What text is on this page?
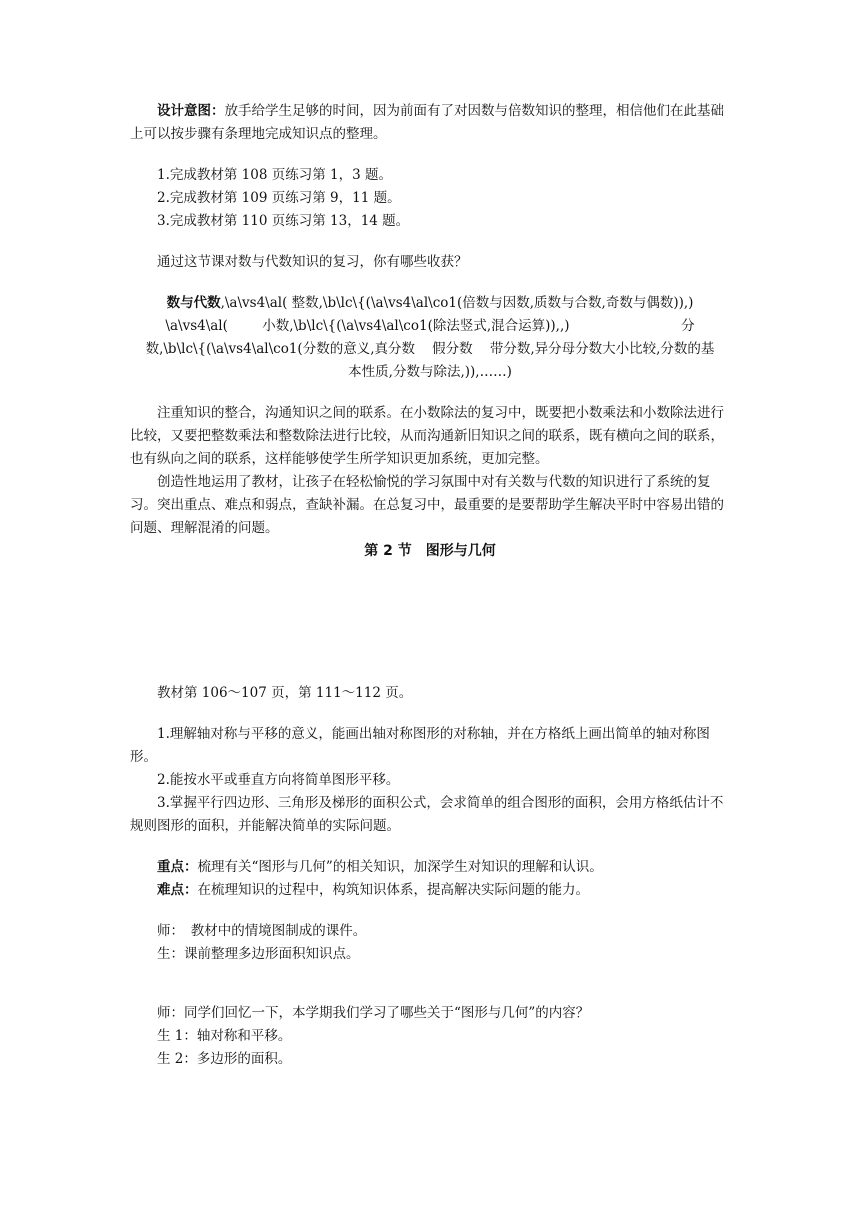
设计意图：放手给学生足够的时间，因为前面有了对因数与倍数知识的整理，相信他们在此基础上可以按步骤有条理地完成知识点的整理。

1.完成教材第 108 页练习第 1，3 题。

2.完成教材第 109 页练习第 9，11 题。

3.完成教材第 110 页练习第 13，14 题。

通过这节课对数与代数知识的复习，你有哪些收获？

数与代数,\a\vs4\al( 整数,\b\lc\{(\a\vs4\al\co1(倍数与因数,质数与合数,奇数与偶数)),)

\a\vs4\al(        小数,\b\lc\{(\a\vs4\al\co1(除法竖式,混合运算)),,)                          分

数,\b\lc\{(\a\vs4\al\co1(分数的意义,真分数    假分数    带分数,异分母分数大小比较,分数的基

本性质,分数与除法,)),……)

注重知识的整合，沟通知识之间的联系。在小数除法的复习中，既要把小数乘法和小数除法进行比较，又要把整数乘法和整数除法进行比较，从而沟通新旧知识之间的联系，既有横向之间的联系，也有纵向之间的联系，这样能够使学生所学知识更加系统，更加完整。

创造性地运用了教材，让孩子在轻松愉悦的学习氛围中对有关数与代数的知识进行了系统的复习。突出重点、难点和弱点，查缺补漏。在总复习中，最重要的是要帮助学生解决平时中容易出错的问题、理解混淆的问题。

第 2 节　图形与几何

教材第 106～107 页，第 111～112 页。

1.理解轴对称与平移的意义，能画出轴对称图形的对称轴，并在方格纸上画出简单的轴对称图形。

2.能按水平或垂直方向将简单图形平移。

3.掌握平行四边形、三角形及梯形的面积公式，会求简单的组合图形的面积，会用方格纸估计不规则图形的面积，并能解决简单的实际问题。

重点：梳理有关“图形与几何”的相关知识，加深学生对知识的理解和认识。

难点：在梳理知识的过程中，构筑知识体系，提高解决实际问题的能力。

师：　教材中的情境图制成的课件。

生：课前整理多边形面积知识点。

师：同学们回忆一下，本学期我们学习了哪些关于“图形与几何”的内容？

生 1：轴对称和平移。

生 2：多边形的面积。
